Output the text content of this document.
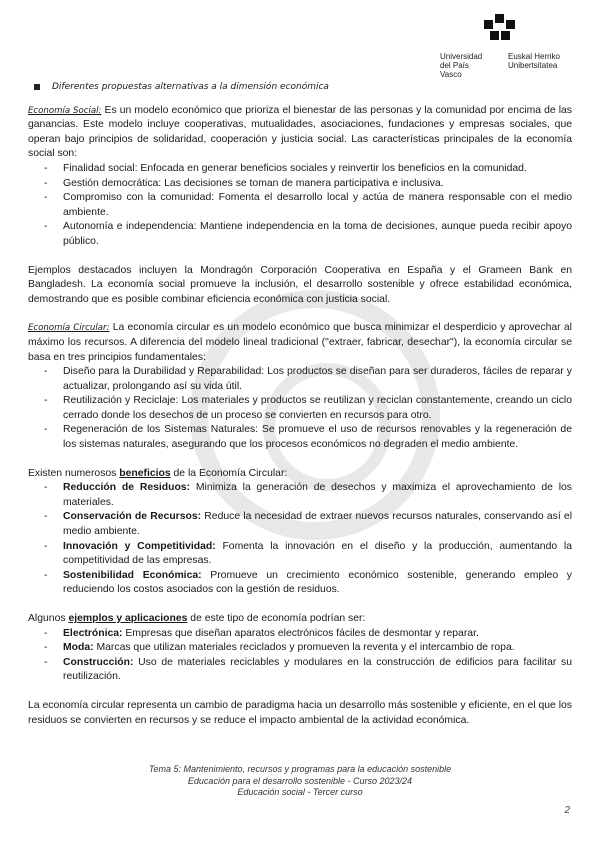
Universidad
del País Vasco
Euskal Herriko
Unibertsitatea
Diferentes propuestas alternativas a la dimensión económica

Economía Social: Es un modelo económico que prioriza el bienestar de las personas y la comunidad por encima de las ganancias. Este modelo incluye cooperativas, mutualidades, asociaciones, fundaciones y empresas sociales, que operan bajo principios de solidaridad, cooperación y justicia social. Las características principales de la economía social son:

- Finalidad social: Enfocada en generar beneficios sociales y reinvertir los beneficios en la comunidad.
- Gestión democrática: Las decisiones se toman de manera participativa e inclusiva.
- Compromiso con la comunidad: Fomenta el desarrollo local y actúa de manera responsable con el medio ambiente.
- Autonomía e independencia: Mantiene independencia en la toma de decisiones, aunque pueda recibir apoyo público.

Ejemplos destacados incluyen la Mondragón Corporación Cooperativa en España y el Grameen Bank en Bangladesh. La economía social promueve la inclusión, el desarrollo sostenible y ofrece estabilidad económica, demostrando que es posible combinar eficiencia económica con justicia social.

Economía Circular: La economía circular es un modelo económico que busca minimizar el desperdicio y aprovechar al máximo los recursos. A diferencia del modelo lineal tradicional ("extraer, fabricar, desechar"), la economía circular se basa en tres principios fundamentales:

- Diseño para la Durabilidad y Reparabilidad: Los productos se diseñan para ser duraderos, fáciles de reparar y actualizar, prolongando así su vida útil.
- Reutilización y Reciclaje: Los materiales y productos se reutilizan y reciclan constantemente, creando un ciclo cerrado donde los desechos de un proceso se convierten en recursos para otro.
- Regeneración de los Sistemas Naturales: Se promueve el uso de recursos renovables y la regeneración de los sistemas naturales, asegurando que los procesos económicos no degraden el medio ambiente.

Existen numerosos beneficios de la Economía Circular:

- Reducción de Residuos: Minimiza la generación de desechos y maximiza el aprovechamiento de los materiales.
- Conservación de Recursos: Reduce la necesidad de extraer nuevos recursos naturales, conservando así el medio ambiente.
- Innovación y Competitividad: Fomenta la innovación en el diseño y la producción, aumentando la competitividad de las empresas.
- Sostenibilidad Económica: Promueve un crecimiento económico sostenible, generando empleo y reduciendo los costos asociados con la gestión de residuos.

Algunos ejemplos y aplicaciones de este tipo de economía podrían ser:

- Electrónica: Empresas que diseñan aparatos electrónicos fáciles de desmontar y reparar.
- Moda: Marcas que utilizan materiales reciclados y promueven la reventa y el intercambio de ropa.
- Construcción: Uso de materiales reciclables y modulares en la construcción de edificios para facilitar su reutilización.

La economía circular representa un cambio de paradigma hacia un desarrollo más sostenible y eficiente, en el que los residuos se convierten en recursos y se reduce el impacto ambiental de la actividad económica.

Tema 5: Mantenimiento, recursos y programas para la educación sostenible
Educación para el desarrollo sostenible - Curso 2023/24
Educación social - Tercer curso
2
